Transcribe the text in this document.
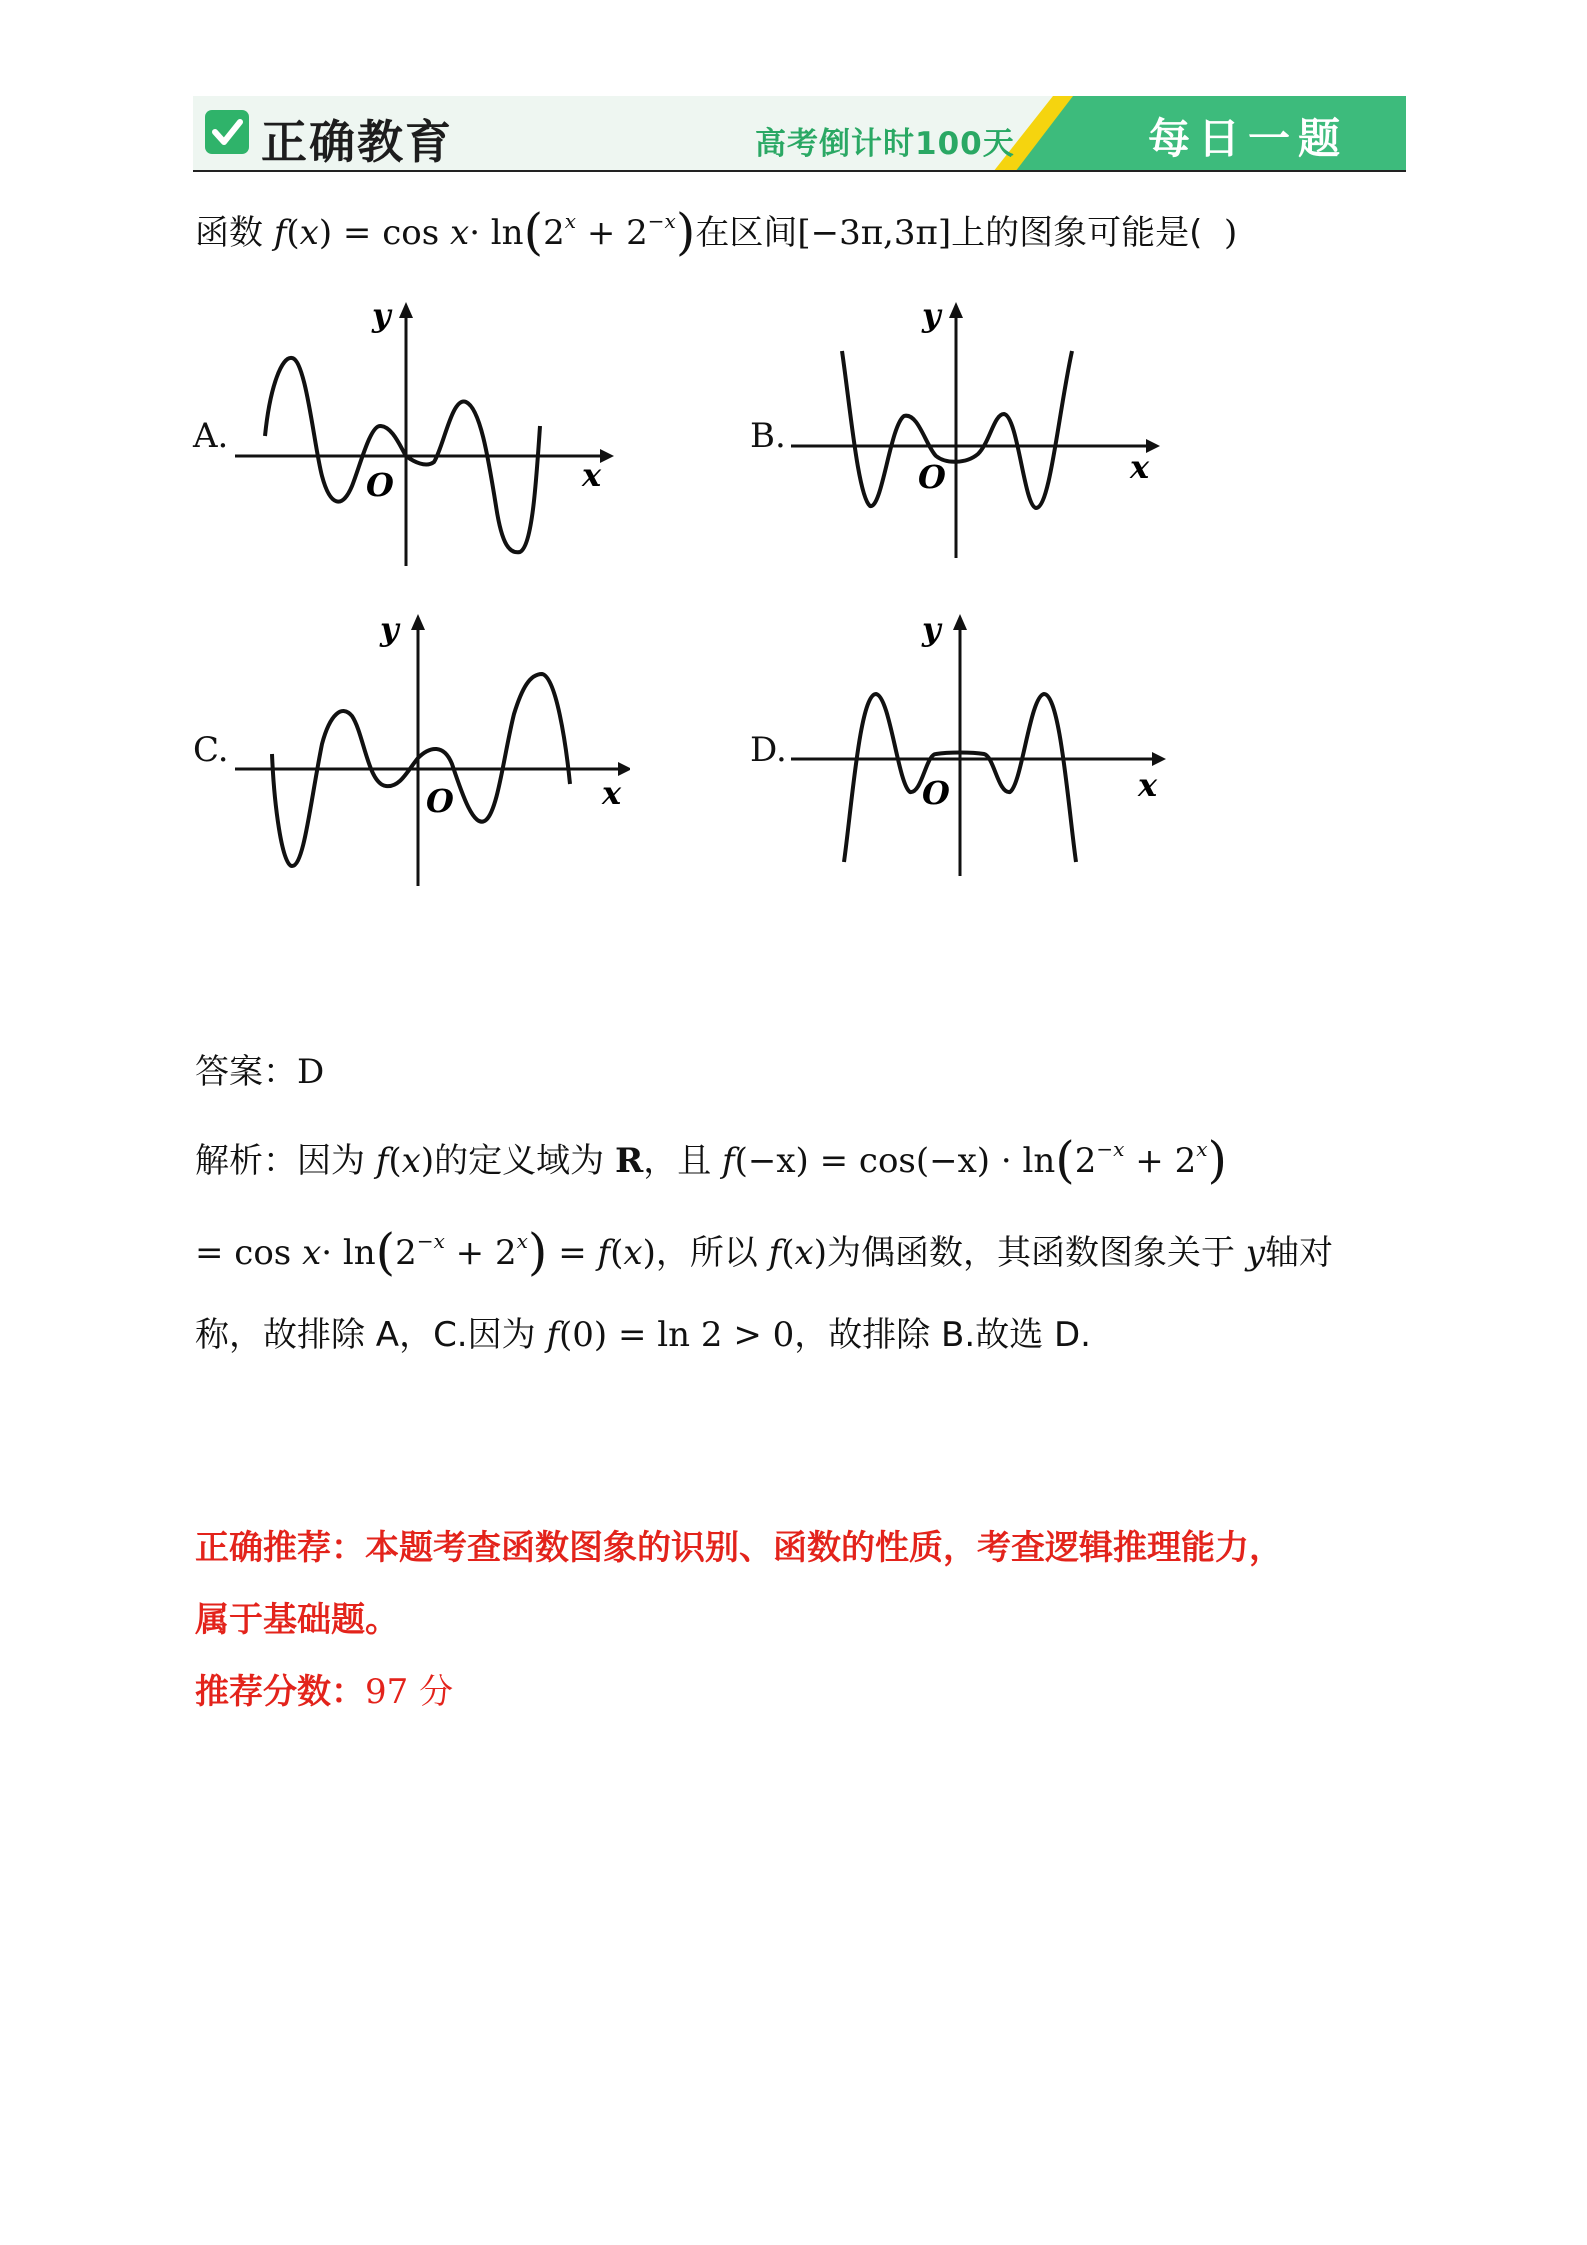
正确教育	高考倒计时100天	每日一题
函数 $f(x) = \cos x\cdot \ln(2^x + 2^{-x})$在区间[−3π,3π]上的图象可能是( )
A.
x
y
O
B.
x
y
O
C.
x
y
O
D.
x
y
O
答案：D
解析：因为 f(x)的定义域为 R，且 $f(-x) = \cos(-x) \cdot \ln(2^{-x} + 2^x)$
= $\cos x\cdot \ln(2^{-x} + 2^x) = f(x)$，所以 f(x)为偶函数，其函数图象关于 y轴对
称，故排除 A，C.因为 f(0) = ln 2 > 0，故排除 B.故选 D.
正确推荐：本题考查函数图象的识别、函数的性质，考查逻辑推理能力，
属于基础题。
推荐分数：97 分
